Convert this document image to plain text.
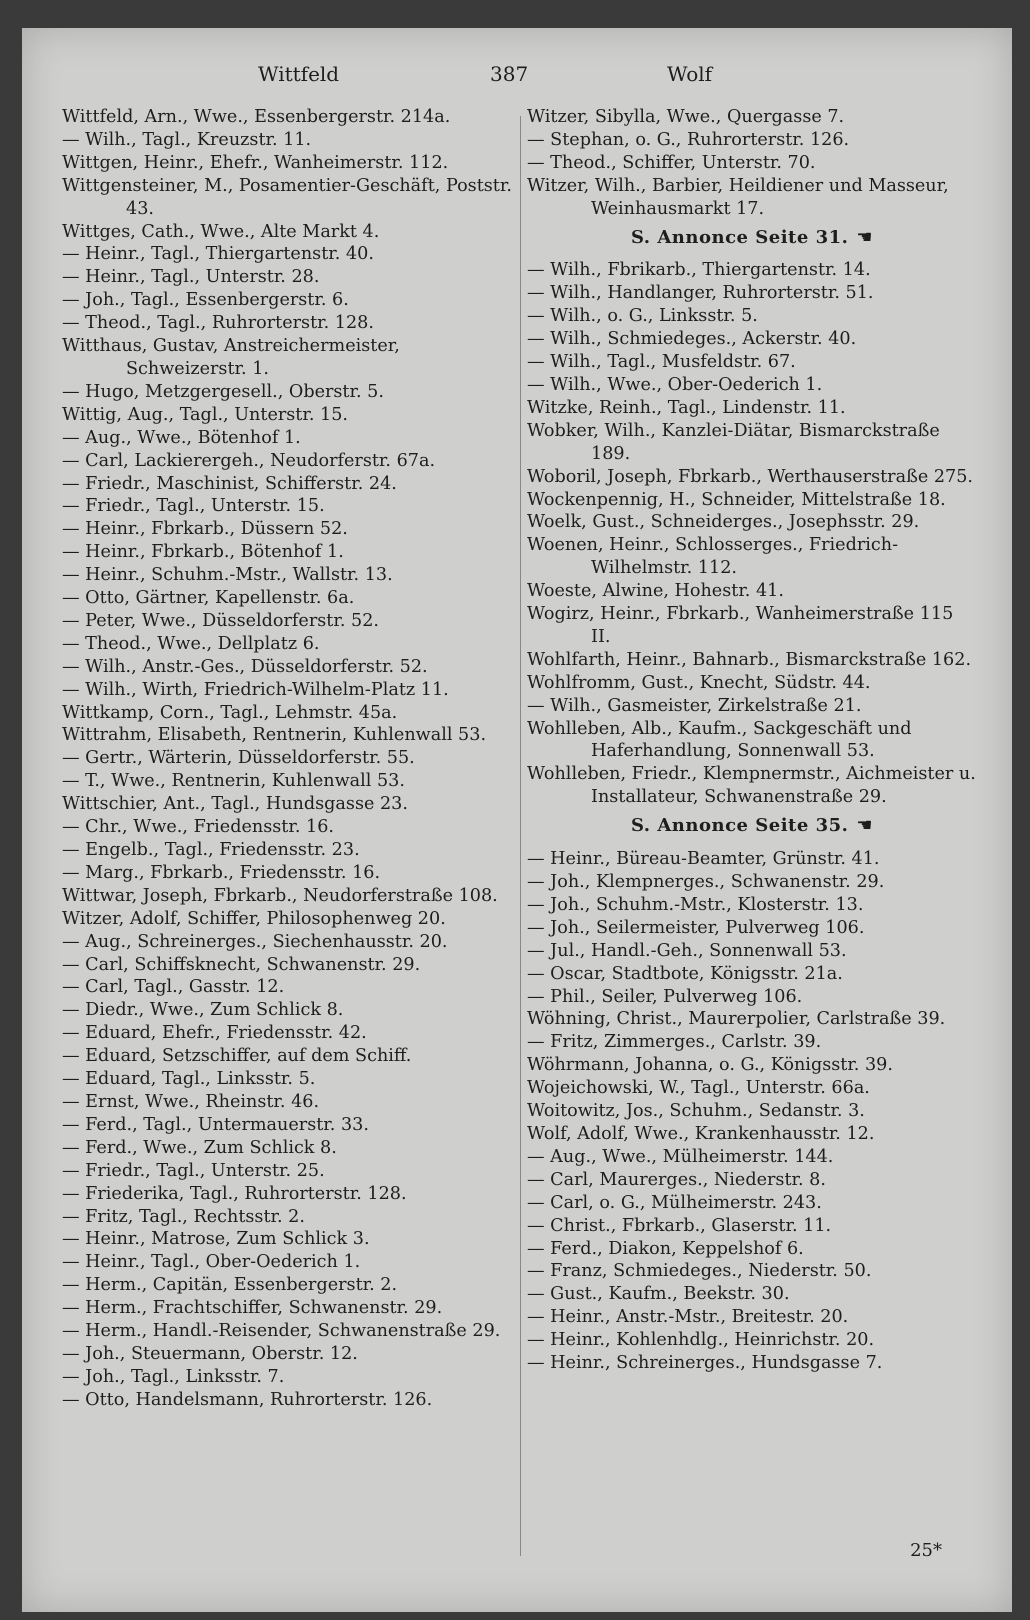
Wittfeld	387	Wolf
Wittfeld, Arn., Wwe., Essenbergerstr. 214a.
— Wilh., Tagl., Kreuzstr. 11.
Wittgen, Heinr., Ehefr., Wanheimerstr. 112.
Wittgensteiner, M., Posamentier-Geschäft, Poststr. 43.
Wittges, Cath., Wwe., Alte Markt 4.
— Heinr., Tagl., Thiergartenstr. 40.
— Heinr., Tagl., Unterstr. 28.
— Joh., Tagl., Essenbergerstr. 6.
— Theod., Tagl., Ruhrorterstr. 128.
Witthaus, Gustav, Anstreichermeister, Schweizerstr. 1.
— Hugo, Metzgergesell., Oberstr. 5.
Wittig, Aug., Tagl., Unterstr. 15.
— Aug., Wwe., Bötenhof 1.
— Carl, Lackierergeh., Neudorferstr. 67a.
— Friedr., Maschinist, Schifferstr. 24.
— Friedr., Tagl., Unterstr. 15.
— Heinr., Fbrkarb., Düssern 52.
— Heinr., Fbrkarb., Bötenhof 1.
— Heinr., Schuhm.-Mstr., Wallstr. 13.
— Otto, Gärtner, Kapellenstr. 6a.
— Peter, Wwe., Düsseldorferstr. 52.
— Theod., Wwe., Dellplatz 6.
— Wilh., Anstr.-Ges., Düsseldorferstr. 52.
— Wilh., Wirth, Friedrich-Wilhelm-Platz 11.
Wittkamp, Corn., Tagl., Lehmstr. 45a.
Wittrahm, Elisabeth, Rentnerin, Kuhlenwall 53.
— Gertr., Wärterin, Düsseldorferstr. 55.
— T., Wwe., Rentnerin, Kuhlenwall 53.
Wittschier, Ant., Tagl., Hundsgasse 23.
— Chr., Wwe., Friedensstr. 16.
— Engelb., Tagl., Friedensstr. 23.
— Marg., Fbrkarb., Friedensstr. 16.
Wittwar, Joseph, Fbrkarb., Neudorferstraße 108.
Witzer, Adolf, Schiffer, Philosophenweg 20.
— Aug., Schreinerges., Siechenhausstr. 20.
— Carl, Schiffsknecht, Schwanenstr. 29.
— Carl, Tagl., Gasstr. 12.
— Diedr., Wwe., Zum Schlick 8.
— Eduard, Ehefr., Friedensstr. 42.
— Eduard, Setzschiffer, auf dem Schiff.
— Eduard, Tagl., Linksstr. 5.
— Ernst, Wwe., Rheinstr. 46.
— Ferd., Tagl., Untermauerstr. 33.
— Ferd., Wwe., Zum Schlick 8.
— Friedr., Tagl., Unterstr. 25.
— Friederika, Tagl., Ruhrorterstr. 128.
— Fritz, Tagl., Rechtsstr. 2.
— Heinr., Matrose, Zum Schlick 3.
— Heinr., Tagl., Ober-Oederich 1.
— Herm., Capitän, Essenbergerstr. 2.
— Herm., Frachtschiffer, Schwanenstr. 29.
— Herm., Handl.-Reisender, Schwanenstraße 29.
— Joh., Steuermann, Oberstr. 12.
— Joh., Tagl., Linksstr. 7.
— Otto, Handelsmann, Ruhrorterstr. 126.
Witzer, Sibylla, Wwe., Quergasse 7.
— Stephan, o. G., Ruhrorterstr. 126.
— Theod., Schiffer, Unterstr. 70.
Witzer, Wilh., Barbier, Heildiener und Masseur, Weinhausmarkt 17.
S. Annonce Seite 31. ☚
— Wilh., Fbrikarb., Thiergartenstr. 14.
— Wilh., Handlanger, Ruhrorterstr. 51.
— Wilh., o. G., Linksstr. 5.
— Wilh., Schmiedeges., Ackerstr. 40.
— Wilh., Tagl., Musfeldstr. 67.
— Wilh., Wwe., Ober-Oederich 1.
Witzke, Reinh., Tagl., Lindenstr. 11.
Wobker, Wilh., Kanzlei-Diätar, Bismarckstraße 189.
Woboril, Joseph, Fbrkarb., Werthauserstraße 275.
Wockenpennig, H., Schneider, Mittelstraße 18.
Woelk, Gust., Schneiderges., Josephsstr. 29.
Woenen, Heinr., Schlosserges., Friedrich-Wilhelmstr. 112.
Woeste, Alwine, Hohestr. 41.
Wogirz, Heinr., Fbrkarb., Wanheimerstraße 115 II.
Wohlfarth, Heinr., Bahnarb., Bismarckstraße 162.
Wohlfromm, Gust., Knecht, Südstr. 44.
— Wilh., Gasmeister, Zirkelstraße 21.
Wohlleben, Alb., Kaufm., Sackgeschäft und Haferhandlung, Sonnenwall 53.
Wohlleben, Friedr., Klempnermstr., Aichmeister u. Installateur, Schwanenstraße 29.
S. Annonce Seite 35. ☚
— Heinr., Büreau-Beamter, Grünstr. 41.
— Joh., Klempnerges., Schwanenstr. 29.
— Joh., Schuhm.-Mstr., Klosterstr. 13.
— Joh., Seilermeister, Pulverweg 106.
— Jul., Handl.-Geh., Sonnenwall 53.
— Oscar, Stadtbote, Königsstr. 21a.
— Phil., Seiler, Pulverweg 106.
Wöhning, Christ., Maurerpolier, Carlstraße 39.
— Fritz, Zimmerges., Carlstr. 39.
Wöhrmann, Johanna, o. G., Königsstr. 39.
Wojeichowski, W., Tagl., Unterstr. 66a.
Woitowitz, Jos., Schuhm., Sedanstr. 3.
Wolf, Adolf, Wwe., Krankenhausstr. 12.
— Aug., Wwe., Mülheimerstr. 144.
— Carl, Maurerges., Niederstr. 8.
— Carl, o. G., Mülheimerstr. 243.
— Christ., Fbrkarb., Glaserstr. 11.
— Ferd., Diakon, Keppelshof 6.
— Franz, Schmiedeges., Niederstr. 50.
— Gust., Kaufm., Beekstr. 30.
— Heinr., Anstr.-Mstr., Breitestr. 20.
— Heinr., Kohlenhdlg., Heinrichstr. 20.
— Heinr., Schreinerges., Hundsgasse 7.
25*
